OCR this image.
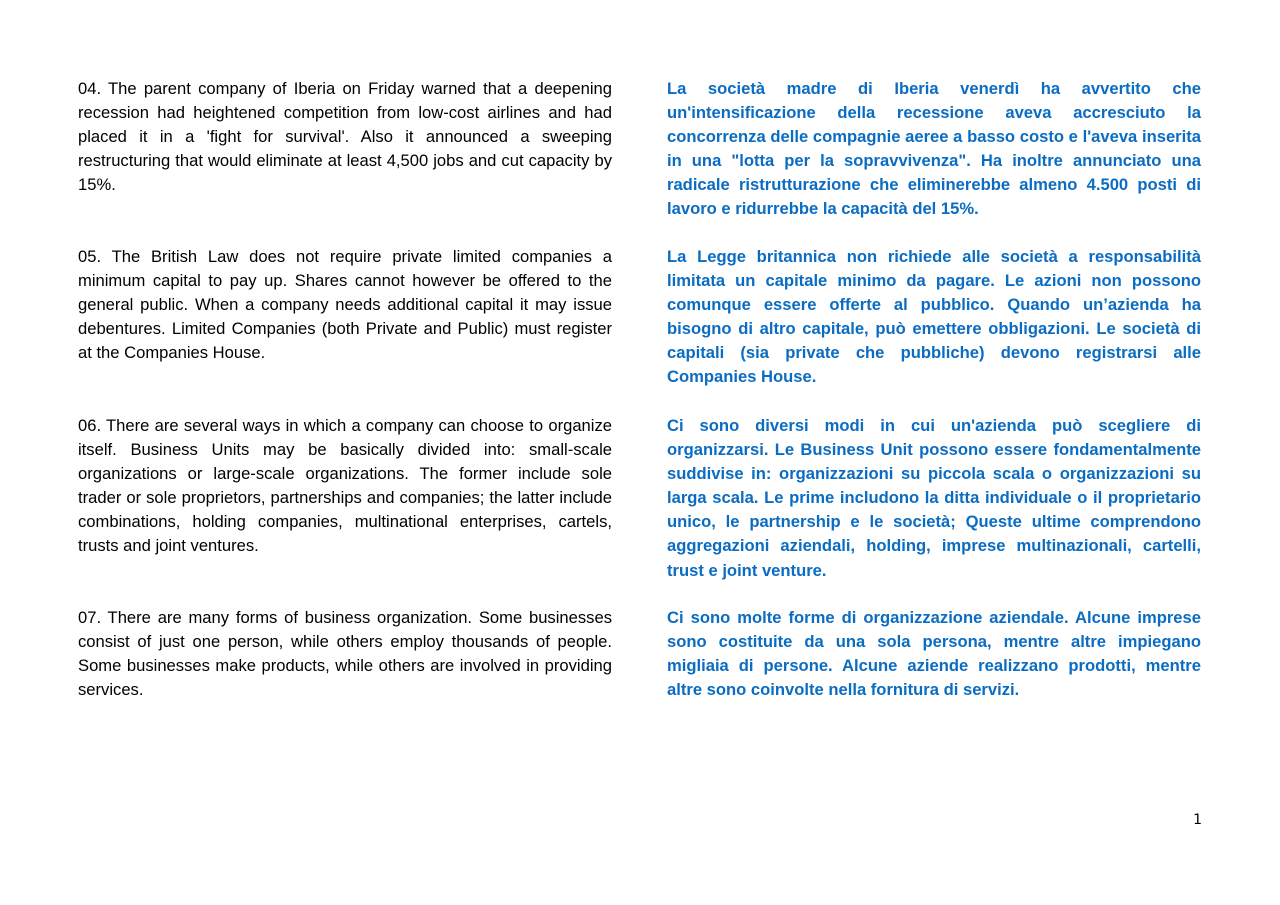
04. The parent company of Iberia on Friday warned that a deepening recession had heightened competition from low-cost airlines and had placed it in a 'fight for survival'. Also it announced a sweeping restructuring that would eliminate at least 4,500 jobs and cut capacity by 15%.

05. The British Law does not require private limited companies a minimum capital to pay up. Shares cannot however be offered to the general public. When a company needs additional capital it may issue debentures. Limited Companies (both Private and Public) must register at the Companies House.

06. There are several ways in which a company can choose to organize itself. Business Units may be basically divided into: small-scale organizations or large-scale organizations. The former include sole trader or sole proprietors, partnerships and companies; the latter include combinations, holding companies, multinational enterprises, cartels, trusts and joint ventures.

07. There are many forms of business organization. Some businesses consist of just one person, while others employ thousands of people. Some businesses make products, while others are involved in providing services.

La società madre di Iberia venerdì ha avvertito che un'intensificazione della recessione aveva accresciuto la concorrenza delle compagnie aeree a basso costo e l'aveva inserita in una "lotta per la sopravvivenza". Ha inoltre annunciato una radicale ristrutturazione che eliminerebbe almeno 4.500 posti di lavoro e ridurrebbe la capacità del 15%.

La Legge britannica non richiede alle società a responsabilità limitata un capitale minimo da pagare. Le azioni non possono comunque essere offerte al pubblico. Quando un’azienda ha bisogno di altro capitale, può emettere obbligazioni. Le società di capitali (sia private che pubbliche) devono registrarsi alle Companies House.

Ci sono diversi modi in cui un'azienda può scegliere di organizzarsi. Le Business Unit possono essere fondamentalmente suddivise in: organizzazioni su piccola scala o organizzazioni su larga scala. Le prime includono la ditta individuale o il proprietario unico, le partnership e le società; Queste ultime comprendono aggregazioni aziendali, holding, imprese multinazionali, cartelli, trust e joint venture.

Ci sono molte forme di organizzazione aziendale. Alcune imprese sono costituite da una sola persona, mentre altre impiegano migliaia di persone. Alcune aziende realizzano prodotti, mentre altre sono coinvolte nella fornitura di servizi.

1
